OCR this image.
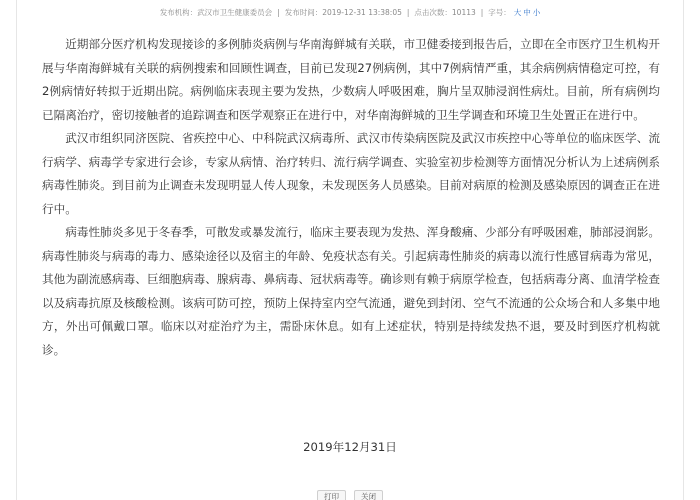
发布机构：武汉市卫生健康委员会 | 发布时间：2019-12-31 13:38:05 | 点击次数：10113 | 字号： 大 中 小

近期部分医疗机构发现接诊的多例肺炎病例与华南海鲜城有关联，市卫健委接到报告后，立即在全市医疗卫生机构开展与华南海鲜城有关联的病例搜索和回顾性调查，目前已发现27例病例，其中7例病情严重，其余病例病情稳定可控，有2例病情好转拟于近期出院。病例临床表现主要为发热，少数病人呼吸困难，胸片呈双肺浸润性病灶。目前，所有病例均已隔离治疗，密切接触者的追踪调查和医学观察正在进行中，对华南海鲜城的卫生学调查和环境卫生处置正在进行中。

武汉市组织同济医院、省疾控中心、中科院武汉病毒所、武汉市传染病医院及武汉市疾控中心等单位的临床医学、流行病学、病毒学专家进行会诊，专家从病情、治疗转归、流行病学调查、实验室初步检测等方面情况分析认为上述病例系病毒性肺炎。到目前为止调查未发现明显人传人现象，未发现医务人员感染。目前对病原的检测及感染原因的调查正在进行中。

病毒性肺炎多见于冬春季，可散发或暴发流行，临床主要表现为发热、浑身酸痛、少部分有呼吸困难，肺部浸润影。病毒性肺炎与病毒的毒力、感染途径以及宿主的年龄、免疫状态有关。引起病毒性肺炎的病毒以流行性感冒病毒为常见，其他为副流感病毒、巨细胞病毒、腺病毒、鼻病毒、冠状病毒等。确诊则有赖于病原学检查，包括病毒分离、血清学检查以及病毒抗原及核酸检测。该病可防可控，预防上保持室内空气流通，避免到封闭、空气不流通的公众场合和人多集中地方，外出可佩戴口罩。临床以对症治疗为主，需卧床休息。如有上述症状，特别是持续发热不退，要及时到医疗机构就诊。

2019年12月31日
打印	关闭
